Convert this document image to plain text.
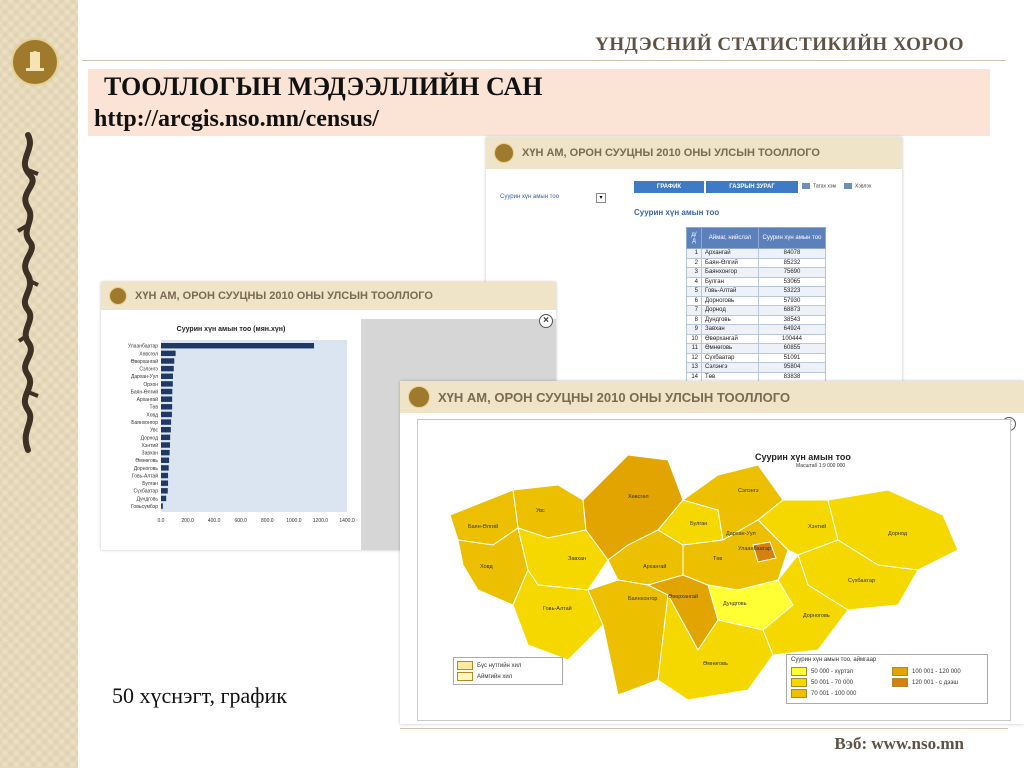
ҮНДЭСНИЙ СТАТИСТИКИЙН ХОРОО
ТООЛЛОГЫН МЭДЭЭЛЛИЙН САН
http://arcgis.nso.mn/census/
ХҮН АМ, ОРОН СУУЦНЫ 2010 ОНЫ УЛСЫН ТООЛЛОГО
ГРАФИК	ГАЗРЫН ЗУРАГ	Татах хэм	Хэвлэх
Суурин хүн амын тоо	▾
Суурин хүн амын тоо
д/д	Аймаг, нийслэл	Суурин хүн амын тоо
1	Архангай	84078
2	Баян-Өлгий	85232
3	Баянхонгор	75690
4	Булган	53065
5	Говь-Алтай	53223
6	Дорноговь	57930
7	Дорнод	68873
8	Дундговь	38543
9	Завхан	64924
10	Өвөрхангай	100444
11	Өмнөговь	60855
12	Сүхбаатар	51091
13	Сэлэнгэ	95804
14	Төв	83838
ХҮН АМ, ОРОН СУУЦНЫ 2010 ОНЫ УЛСЫН ТООЛЛОГО
Суурин хүн амын тоо (мян.хүн)
Улаанбаатар
Хөвсгөл
Өвөрхангай
Сэлэнгэ
Дархан-Уул
Орхон
Баян-Өлгий
Архангай
Төв
Ховд
Баянхонгор
Увс
Дорнод
Хэнтий
Завхан
Өмнөговь
Дорноговь
Говь-Алтай
Булган
Сүхбаатар
Дундговь
Говьсүмбэр
0.0	200.0	400.0	600.0	800.0	1000.0 1200.0 1400.0
×
ХҮН АМ, ОРОН СУУЦНЫ 2010 ОНЫ УЛСЫН ТООЛЛОГО
Увс
Хөвсгөл
Сэлэнгэ
Баян-Өлгий
Завхан
Булган
Дархан-Уул	Дорнод
Ховд	Архангай
Улаанбаатар
Хэнтий
Төв
Баянхонгор Өвөрхангай
Сүхбаатар
Говь-Алтай
Дундговь
Дорноговь
Өмнөговь
Суурин хүн амын тоо
Масштаб 1:9 000 000
Бүс нутгийн хил
Аймгийн хил
Суурин хүн амын тоо, аймгаар
50 000 - хүртэл
50 001 - 70 000
70 001 - 100 000
100 001 - 120 000
120 001 - с дээш
50 хүснэгт, график
Вэб: www.nso.mn
